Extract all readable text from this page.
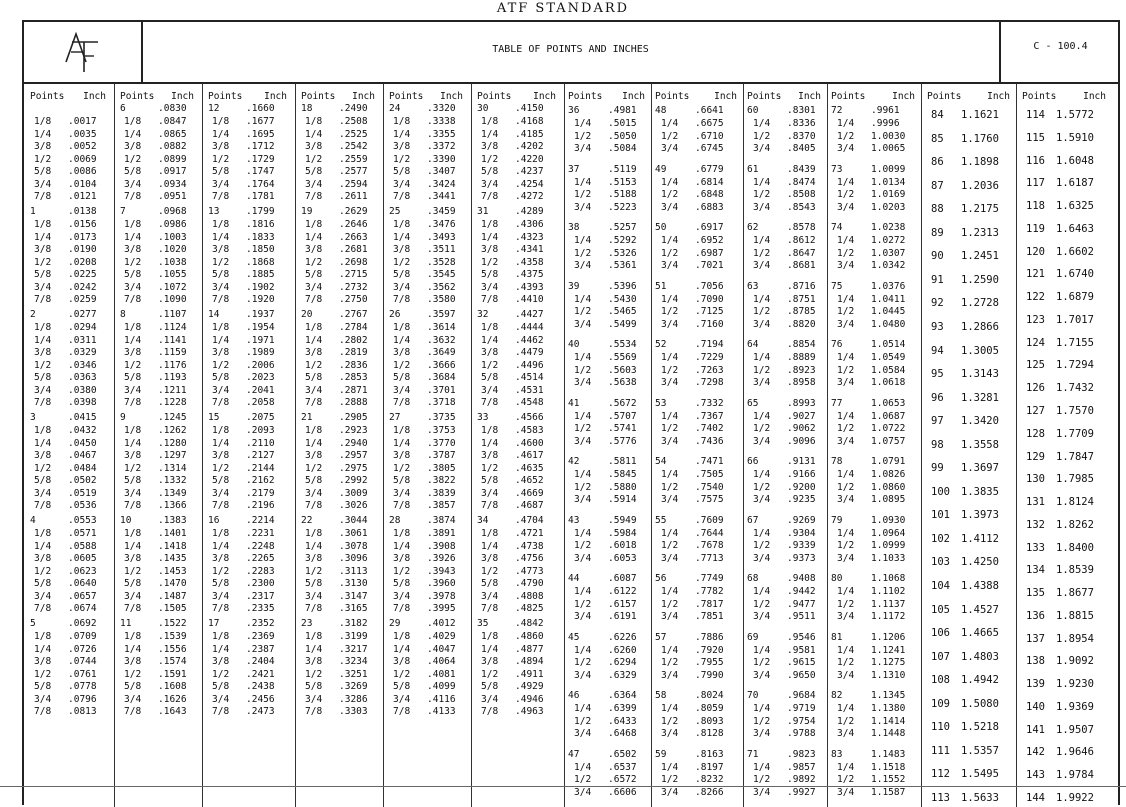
ATF STANDARD
TABLE OF POINTS AND INCHES	C - 100.4
Points Inch
1/8 .0017
1/4 .0035
3/8 .0052
1/2 .0069
5/8 .0086
3/4 .0104
7/8 .0121
1	.0138
1/8 .0156
1/4 .0173
3/8 .0190
1/2 .0208
5/8 .0225
3/4 .0242
7/8 .0259
2	.0277
1/8 .0294
1/4 .0311
3/8 .0329
1/2 .0346
5/8 .0363
3/4 .0380
7/8 .0398
3	.0415
1/8 .0432
1/4 .0450
3/8 .0467
1/2 .0484
5/8 .0502
3/4 .0519
7/8 .0536
4	.0553
1/8 .0571
1/4 .0588
3/8 .0605
1/2 .0623
5/8 .0640
3/4 .0657
7/8 .0674
5	.0692
1/8 .0709
1/4 .0726
3/8 .0744
1/2 .0761
5/8 .0778
3/4 .0796
7/8 .0813
Points Inch
6	.0830
1/8 .0847
1/4 .0865
3/8 .0882
1/2 .0899
5/8 .0917
3/4 .0934
7/8 .0951
7	.0968
1/8 .0986
1/4 .1003
3/8 .1020
1/2 .1038
5/8 .1055
3/4 .1072
7/8 .1090
8	.1107
1/8 .1124
1/4 .1141
3/8 .1159
1/2 .1176
5/8 .1193
3/4 .1211
7/8 .1228
9	.1245
1/8 .1262
1/4 .1280
3/8 .1297
1/2 .1314
5/8 .1332
3/4 .1349
7/8 .1366
10	.1383
1/8 .1401
1/4 .1418
3/8 .1435
1/2 .1453
5/8 .1470
3/4 .1487
7/8 .1505
11	.1522
1/8 .1539
1/4 .1556
3/8 .1574
1/2 .1591
5/8 .1608
3/4 .1626
7/8 .1643
Points Inch
12	.1660
1/8 .1677
1/4 .1695
3/8 .1712
1/2 .1729
5/8 .1747
3/4 .1764
7/8 .1781
13	.1799
1/8 .1816
1/4 .1833
3/8 .1850
1/2 .1868
5/8 .1885
3/4 .1902
7/8 .1920
14	.1937
1/8 .1954
1/4 .1971
3/8 .1989
1/2 .2006
5/8 .2023
3/4 .2041
7/8 .2058
15	.2075
1/8 .2093
1/4 .2110
3/8 .2127
1/2 .2144
5/8 .2162
3/4 .2179
7/8 .2196
16	.2214
1/8 .2231
1/4 .2248
3/8 .2265
1/2 .2283
5/8 .2300
3/4 .2317
7/8 .2335
17	.2352
1/8 .2369
1/4 .2387
3/8 .2404
1/2 .2421
5/8 .2438
3/4 .2456
7/8 .2473
Points Inch
18	.2490
1/8 .2508
1/4 .2525
3/8 .2542
1/2 .2559
5/8 .2577
3/4 .2594
7/8 .2611
19	.2629
1/8 .2646
1/4 .2663
3/8 .2681
1/2 .2698
5/8 .2715
3/4 .2732
7/8 .2750
20	.2767
1/8 .2784
1/4 .2802
3/8 .2819
1/2 .2836
5/8 .2853
3/4 .2871
7/8 .2888
21	.2905
1/8 .2923
1/4 .2940
3/8 .2957
1/2 .2975
5/8 .2992
3/4 .3009
7/8 .3026
22	.3044
1/8 .3061
1/4 .3078
3/8 .3096
1/2 .3113
5/8 .3130
3/4 .3147
7/8 .3165
23	.3182
1/8 .3199
1/4 .3217
3/8 .3234
1/2 .3251
5/8 .3269
3/4 .3286
7/8 .3303
Points Inch
24	.3320
1/8 .3338
1/4 .3355
3/8 .3372
1/2 .3390
5/8 .3407
3/4 .3424
7/8 .3441
25	.3459
1/8 .3476
1/4 .3493
3/8 .3511
1/2 .3528
5/8 .3545
3/4 .3562
7/8 .3580
26	.3597
1/8 .3614
1/4 .3632
3/8 .3649
1/2 .3666
5/8 .3684
3/4 .3701
7/8 .3718
27	.3735
1/8 .3753
1/4 .3770
3/8 .3787
1/2 .3805
5/8 .3822
3/4 .3839
7/8 .3857
28	.3874
1/8 .3891
1/4 .3908
3/8 .3926
1/2 .3943
5/8 .3960
3/4 .3978
7/8 .3995
29	.4012
1/8 .4029
1/4 .4047
3/8 .4064
1/2 .4081
5/8 .4099
3/4 .4116
7/8 .4133
Points Inch
30	.4150
1/8 .4168
1/4 .4185
3/8 .4202
1/2 .4220
5/8 .4237
3/4 .4254
7/8 .4272
31	.4289
1/8 .4306
1/4 .4323
3/8 .4341
1/2 .4358
5/8 .4375
3/4 .4393
7/8 .4410
32	.4427
1/8 .4444
1/4 .4462
3/8 .4479
1/2 .4496
5/8 .4514
3/4 .4531
7/8 .4548
33	.4566
1/8 .4583
1/4 .4600
3/8 .4617
1/2 .4635
5/8 .4652
3/4 .4669
7/8 .4687
34	.4704
1/8 .4721
1/4 .4738
3/8 .4756
1/2 .4773
5/8 .4790
3/4 .4808
7/8 .4825
35	.4842
1/8 .4860
1/4 .4877
3/8 .4894
1/2 .4911
5/8 .4929
3/4 .4946
7/8 .4963
Points Inch
36	.4981
1/4 .5015
1/2 .5050
3/4 .5084
37	.5119
1/4 .5153
1/2 .5188
3/4 .5223
38	.5257
1/4 .5292
1/2 .5326
3/4 .5361
39	.5396
1/4 .5430
1/2 .5465
3/4 .5499
40	.5534
1/4 .5569
1/2 .5603
3/4 .5638
41	.5672
1/4 .5707
1/2 .5741
3/4 .5776
42	.5811
1/4 .5845
1/2 .5880
3/4 .5914
43	.5949
1/4 .5984
1/2 .6018
3/4 .6053
44	.6087
1/4 .6122
1/2 .6157
3/4 .6191
45	.6226
1/4 .6260
1/2 .6294
3/4 .6329
46	.6364
1/4 .6399
1/2 .6433
3/4 .6468
47	.6502
1/4 .6537
1/2 .6572
3/4 .6606
Points	Inch
48	.6641
1/4 .6675
1/2 .6710
3/4 .6745
49	.6779
1/4 .6814
1/2 .6848
3/4 .6883
50	.6917
1/4 .6952
1/2 .6987
3/4 .7021
51	.7056
1/4 .7090
1/2 .7125
3/4 .7160
52	.7194
1/4 .7229
1/2 .7263
3/4 .7298
53	.7332
1/4 .7367
1/2 .7402
3/4 .7436
54	.7471
1/4 .7505
1/2 .7540
3/4 .7575
55	.7609
1/4 .7644
1/2 .7678
3/4 .7713
56	.7749
1/4 .7782
1/2 .7817
3/4 .7851
57	.7886
1/4 .7920
1/2 .7955
3/4 .7990
58	.8024
1/4 .8059
1/2 .8093
3/4 .8128
59	.8163
1/4 .8197
1/2 .8232
3/4 .8266
Points Inch
60	.8301
1/4 .8336
1/2 .8370
3/4 .8405
61	.8439
1/4 .8474
1/2 .8508
3/4 .8543
62	.8578
1/4 .8612
1/2 .8647
3/4 .8681
63	.8716
1/4 .8751
1/2 .8785
3/4 .8820
64	.8854
1/4 .8889
1/2 .8923
3/4 .8958
65	.8993
1/4 .9027
1/2 .9062
3/4 .9096
66	.9131
1/4 .9166
1/2 .9200
3/4 .9235
67	.9269
1/4 .9304
1/2 .9339
3/4 .9373
68	.9408
1/4 .9442
1/2 .9477
3/4 .9511
69	.9546
1/4 .9581
1/2 .9615
3/4 .9650
70	.9684
1/4 .9719
1/2 .9754
3/4 .9788
71	.9823
1/4 .9857
1/2 .9892
3/4 .9927
Points	Inch
72	.9961
1/4 .9996
1/2 1.0030
3/4 1.0065
73	1.0099
1/4 1.0134
1/2 1.0169
3/4 1.0203
74	1.0238
1/4 1.0272
1/2 1.0307
3/4 1.0342
75	1.0376
1/4 1.0411
1/2 1.0445
3/4 1.0480
76	1.0514
1/4 1.0549
1/2 1.0584
3/4 1.0618
77	1.0653
1/4 1.0687
1/2 1.0722
3/4 1.0757
78	1.0791
1/4 1.0826
1/2 1.0860
3/4 1.0895
79	1.0930
1/4 1.0964
1/2 1.0999
3/4 1.1033
80	1.1068
1/4 1.1102
1/2 1.1137
3/4 1.1172
81	1.1206
1/4 1.1241
1/2 1.1275
3/4 1.1310
82	1.1345
1/4 1.1380
1/2 1.1414
3/4 1.1448
83	1.1483
1/4 1.1518
1/2 1.1552
3/4 1.1587
Points	Inch
84 1.1621
85 1.1760
86 1.1898
87 1.2036
88 1.2175
89 1.2313
90 1.2451
91 1.2590
92 1.2728
93 1.2866
94 1.3005
95 1.3143
96 1.3281
97 1.3420
98 1.3558
99 1.3697
100 1.3835
101 1.3973
102 1.4112
103 1.4250
104 1.4388
105 1.4527
106 1.4665
107 1.4803
108 1.4942
109 1.5080
110 1.5218
111 1.5357
112 1.5495
113 1.5633
Points	Inch
114 1.5772
115 1.5910
116 1.6048
117 1.6187
118 1.6325
119 1.6463
120 1.6602
121 1.6740
122 1.6879
123 1.7017
124 1.7155
125 1.7294
126 1.7432
127 1.7570
128 1.7709
129 1.7847
130 1.7985
131 1.8124
132 1.8262
133 1.8400
134 1.8539
135 1.8677
136 1.8815
137 1.8954
138 1.9092
139 1.9230
140 1.9369
141 1.9507
142 1.9646
143 1.9784
144 1.9922
